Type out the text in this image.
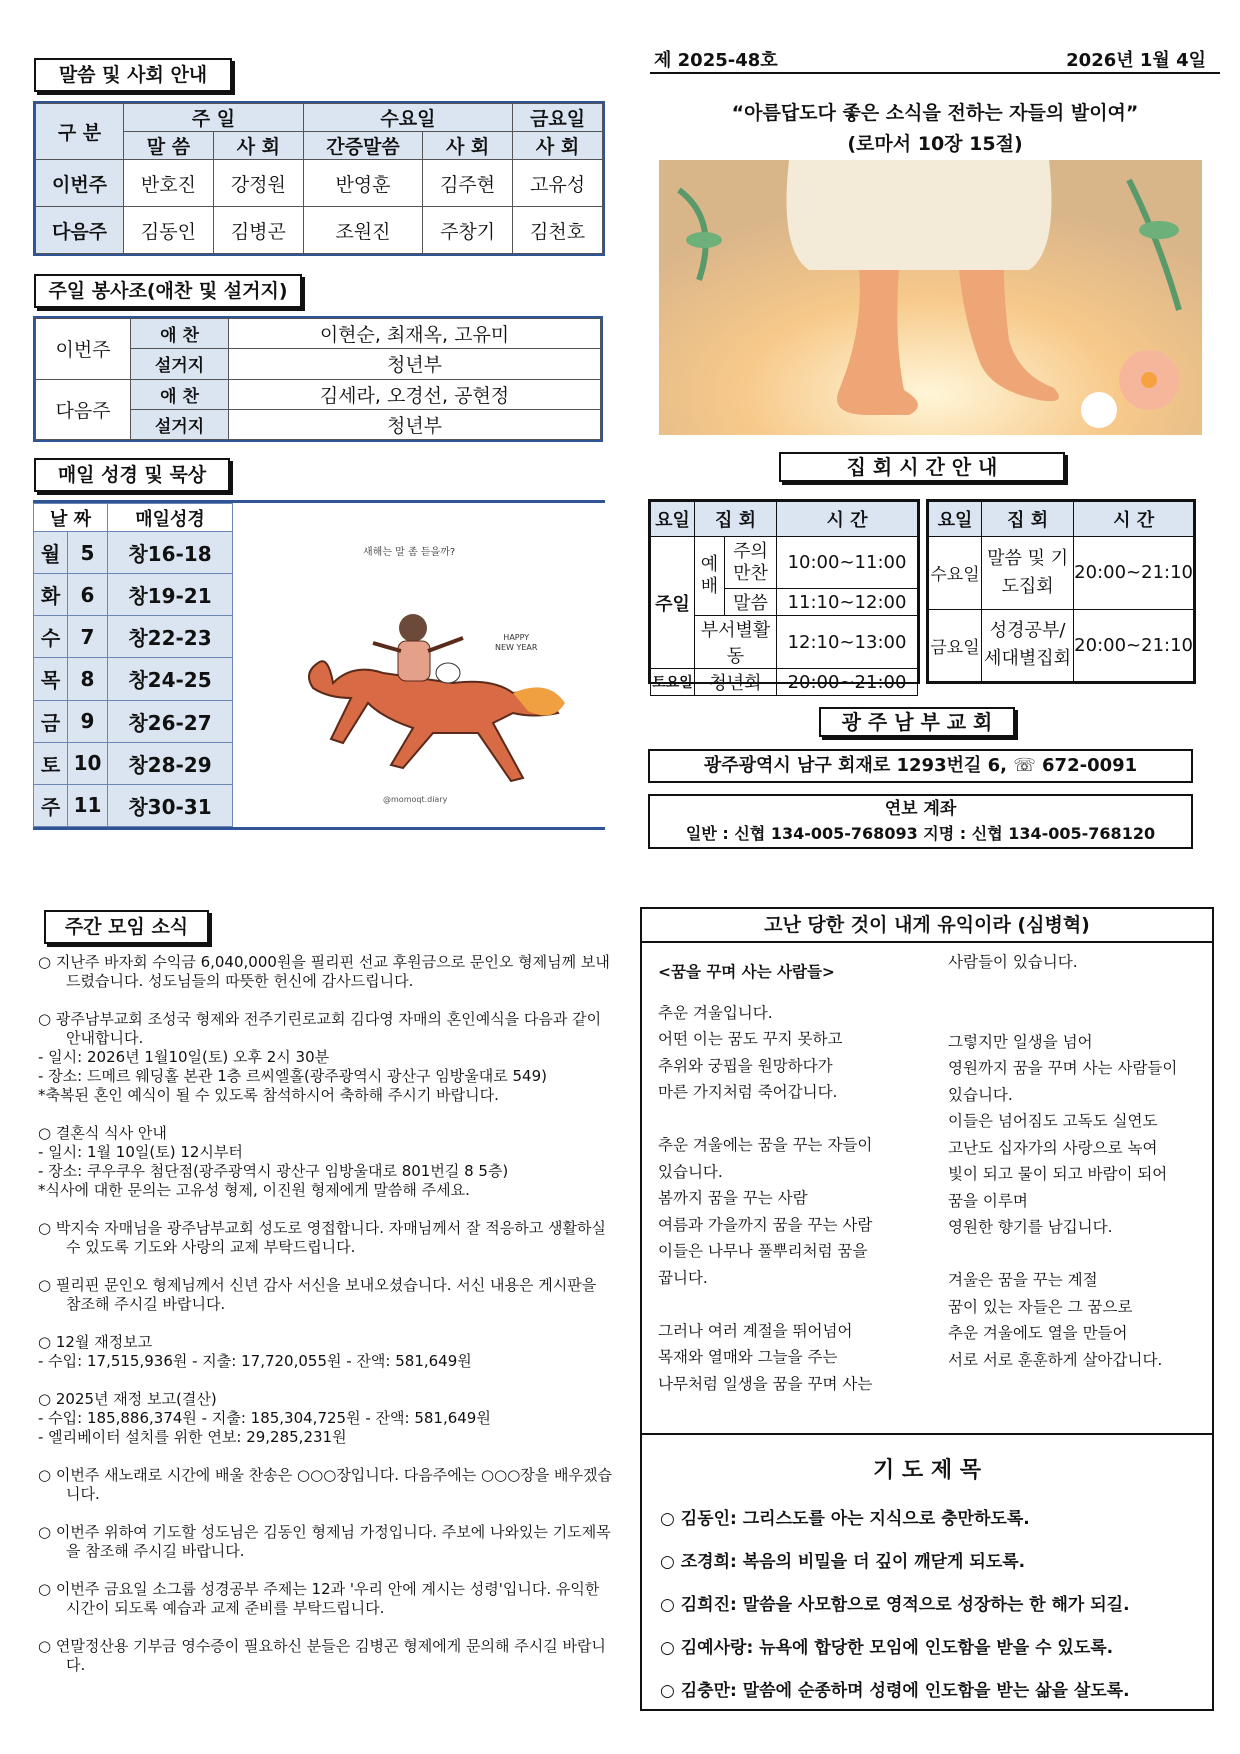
말씀 및 사회 안내
구 분	주 일		수요일		금요일
	말 씀	사 회	간증말씀	사 회	사 회
이번주	반호진	강정원	반영훈	김주현	고유성
다음주	김동인	김병곤	조원진	주창기	김천호
주일 봉사조(애찬 및 설거지)
이번주	애 찬	이현순, 최재옥, 고유미
	설거지	청년부
다음주	애 찬	김세라, 오경선, 공현정
	설거지	청년부
매일 성경 및 묵상
날 짜		매일성경
월	5	창16-18
화	6	창19-21
수	7	창22-23
목	8	창24-25
금	9	창26-27
토	10	창28-29
주	11	창30-31
새해는 말 좀 듣을까?
HAPPY
NEW YEAR
@momoqt.diary
제 2025-48호	2026년 1월 4일
“아름답도다 좋은 소식을 전하는 자들의 발이여”
(로마서 10장 15절)
집 회 시 간 안 내
요일	집 회		시 간
주일	예 배	주의 만찬	10:00~11:00
		말씀	11:10~12:00
	부서별활동		12:10~13:00
토요일	청년회		20:00~21:00
요일	집 회	시 간
수요일	말씀 및 기도집회	20:00~21:10
금요일	성경공부/ 세대별집회	20:00~21:10
광 주 남 부 교 회
광주광역시 남구 회재로 1293번길 6, ☏ 672-0091
연보 계좌
일반 : 신협 134-005-768093 지명 : 신협 134-005-768120
주간 모임 소식

○ 지난주 바자회 수익금 6,040,000원을 필리핀 선교 후원금으로 문인오 형제님께 보내드렸습니다. 성도님들의 따뜻한 헌신에 감사드립니다.

○ 광주남부교회 조성국 형제와 전주기린로교회 김다영 자매의 혼인예식을 다음과 같이 안내합니다.

- 일시: 2026년 1월10일(토) 오후 2시 30분

- 장소: 드메르 웨딩홀 본관 1층 르씨엘홀(광주광역시 광산구 임방울대로 549)

*축복된 혼인 예식이 될 수 있도록 참석하시어 축하해 주시기 바랍니다.

○ 결혼식 식사 안내

- 일시: 1월 10일(토) 12시부터

- 장소: 쿠우쿠우 첨단점(광주광역시 광산구 임방울대로 801번길 8 5층)

*식사에 대한 문의는 고유성 형제, 이진원 형제에게 말씀해 주세요.

○ 박지숙 자매님을 광주남부교회 성도로 영접합니다. 자매님께서 잘 적응하고 생활하실 수 있도록 기도와 사랑의 교제 부탁드립니다.

○ 필리핀 문인오 형제님께서 신년 감사 서신을 보내오셨습니다. 서신 내용은 게시판을 참조해 주시길 바랍니다.

○ 12월 재정보고

- 수입: 17,515,936원 - 지출: 17,720,055원 - 잔액: 581,649원

○ 2025년 재정 보고(결산)

- 수입: 185,886,374원 - 지출: 185,304,725원 - 잔액: 581,649원

- 엘리베이터 설치를 위한 연보: 29,285,231원

○ 이번주 새노래로 시간에 배울 찬송은 ○○○장입니다. 다음주에는 ○○○장을 배우겠습니다.

○ 이번주 위하여 기도할 성도님은 김동인 형제님 가정입니다. 주보에 나와있는 기도제목을 참조해 주시길 바랍니다.

○ 이번주 금요일 소그룹 성경공부 주제는 12과 '우리 안에 계시는 성령'입니다. 유익한 시간이 되도록 예습과 교제 준비를 부탁드립니다.

○ 연말정산용 기부금 영수증이 필요하신 분들은 김병곤 형제에게 문의해 주시길 바랍니다.

고난 당한 것이 내게 유익이라 (심병혁)

<꿈을 꾸며 사는 사람들>

추운 겨울입니다.

어떤 이는 꿈도 꾸지 못하고

추위와 궁핍을 원망하다가

마른 가지처럼 죽어갑니다.

추운 겨울에는 꿈을 꾸는 자들이

있습니다.

봄까지 꿈을 꾸는 사람

여름과 가을까지 꿈을 꾸는 사람

이들은 나무나 풀뿌리처럼 꿈을

꿉니다.

그러나 여러 계절을 뛰어넘어

목재와 열매와 그늘을 주는

나무처럼 일생을 꿈을 꾸며 사는

사람들이 있습니다.

그렇지만 일생을 넘어

영원까지 꿈을 꾸며 사는 사람들이

있습니다.

이들은 넘어짐도 고독도 실연도

고난도 십자가의 사랑으로 녹여

빛이 되고 물이 되고 바람이 되어

꿈을 이루며

영원한 향기를 남깁니다.

겨울은 꿈을 꾸는 계절

꿈이 있는 자들은 그 꿈으로

추운 겨울에도 열을 만들어

서로 서로 훈훈하게 살아갑니다.

기 도 제 목

○ 김동인: 그리스도를 아는 지식으로 충만하도록.

○ 조경희: 복음의 비밀을 더 깊이 깨닫게 되도록.

○ 김희진: 말씀을 사모함으로 영적으로 성장하는 한 해가 되길.

○ 김예사랑: 뉴욕에 합당한 모임에 인도함을 받을 수 있도록.

○ 김충만: 말씀에 순종하며 성령에 인도함을 받는 삶을 살도록.
